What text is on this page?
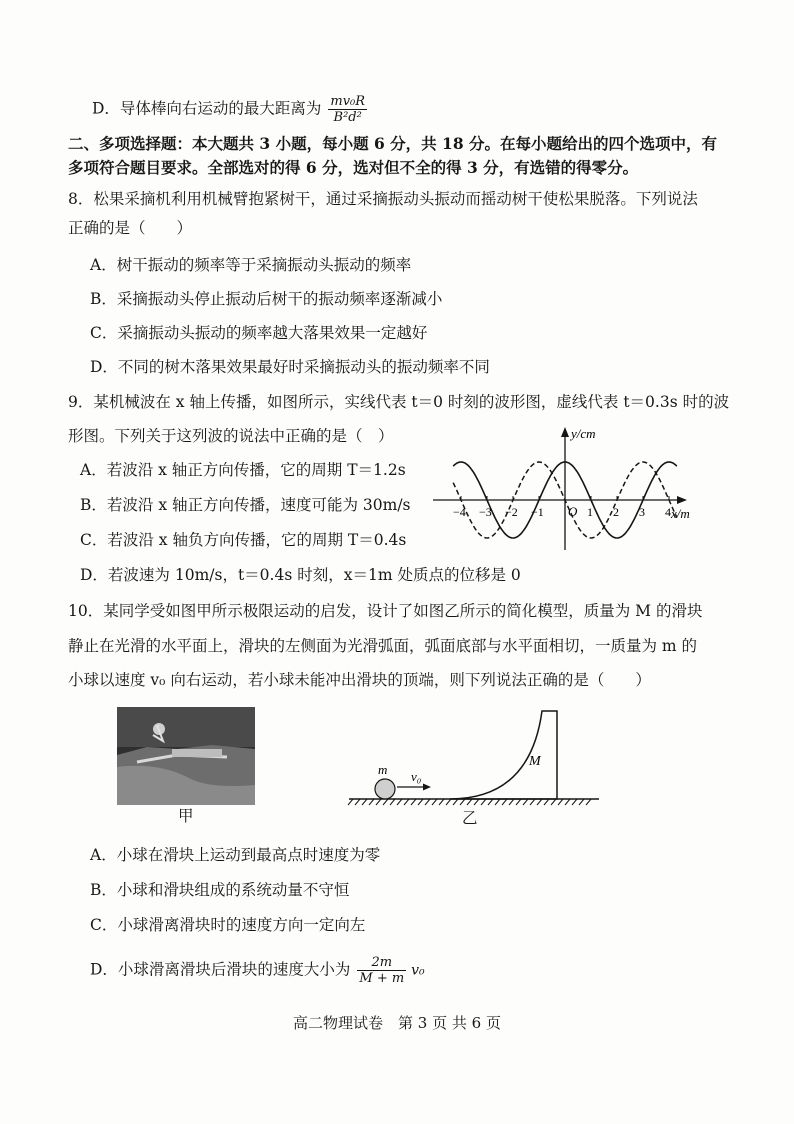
D．导体棒向右运动的最大距离为 $\frac{\text{mv₀R}}{\text{B²d²}}$
二、多项选择题：本大题共 3 小题，每小题 6 分，共 18 分。在每小题给出的四个选项中，有
多项符合题目要求。全部选对的得 6 分，选对但不全的得 3 分，有选错的得零分。
8．松果采摘机利用机械臂抱紧树干，通过采摘振动头振动而摇动树干使松果脱落。下列说法
正确的是（　　）
A．树干振动的频率等于采摘振动头振动的频率
B．采摘振动头停止振动后树干的振动频率逐渐减小
C．采摘振动头振动的频率越大落果效果一定越好
D．不同的树木落果效果最好时采摘振动头的振动频率不同
9．某机械波在 x 轴上传播，如图所示，实线代表 t＝0 时刻的波形图，虚线代表 t＝0.3s 时的波
形图。下列关于这列波的说法中正确的是（　）
A．若波沿 x 轴正方向传播，它的周期 T＝1.2s
B．若波沿 x 轴正方向传播，速度可能为 30m/s
C．若波沿 x 轴负方向传播，它的周期 T＝0.4s
D．若波速为 10m/s，t＝0.4s 时刻，x＝1m 处质点的位移是 0
y/cm
x/m
O
−4 −3 −2 −1	1 2 3 4
10．某同学受如图甲所示极限运动的启发，设计了如图乙所示的简化模型，质量为 M 的滑块
静止在光滑的水平面上，滑块的左侧面为光滑弧面，弧面底部与水平面相切，一质量为 m 的
小球以速度 v₀ 向右运动，若小球未能冲出滑块的顶端，则下列说法正确的是（　　）
甲
m v₀
M
乙
A．小球在滑块上运动到最高点时速度为零
B．小球和滑块组成的系统动量不守恒
C．小球滑离滑块时的速度方向一定向左
D．小球滑离滑块后滑块的速度大小为 $\frac{2m}{M + m} v_0$
高二物理试卷　第 3 页 共 6 页
